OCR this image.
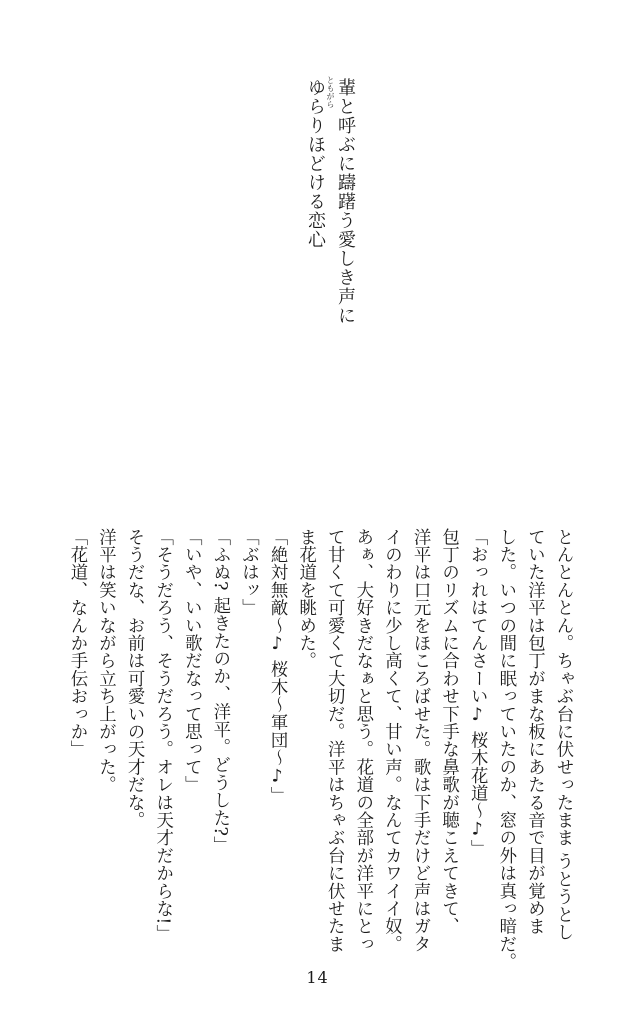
ともがら 輩と呼ぶに躊躇う愛しき声に
ゆらりほどける恋心
とんとんとん。ちゃぶ台に伏せったまま うとうとし
ていた洋平は包丁がまな板にあたる音で目が覚めま
した。いつの間に眠っていたのか、窓の外は真っ暗だ。
「おっれはてんさーい♪ 桜木花道〜♪」
包丁のリズムに合わせ下手な鼻歌が聴こえてきて、
洋平は口元をほころばせた。歌は下手だけど声はガタ
イのわりに少し高くて、甘い声。なんてカワイイ奴。
あぁ、大好きだなぁと思う。花道の全部が洋平にとっ
て甘くて可愛くて大切だ。洋平はちゃぶ台に伏せたま
ま花道を眺めた。
「絶対無敵〜♪ 桜木〜軍団〜♪」
「ぶはッ」
「ふぬ? 起きたのか、洋平。どうした?」
「いや、いい歌だなって思って」
「そうだろう、そうだろう。オレは天才だからな!」
そうだな、お前は可愛いの天才だな。
洋平は笑いながら立ち上がった。
「花道、なんか手伝おっか」
14
